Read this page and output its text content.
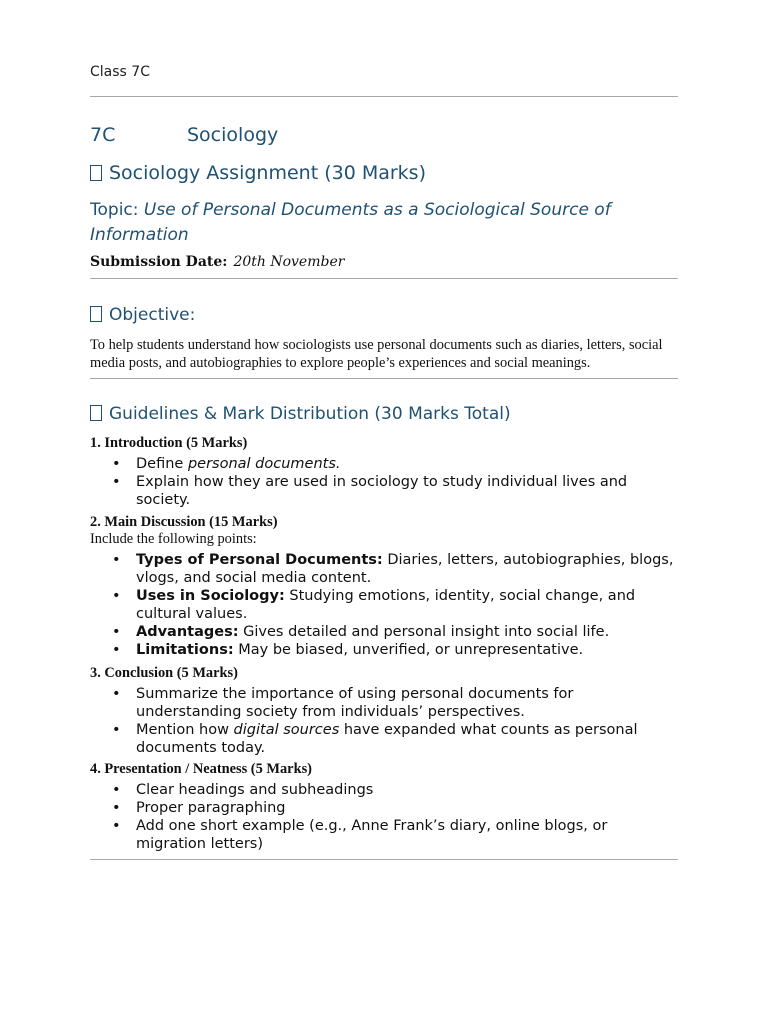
Class 7C
7C	Sociology
Sociology Assignment (30 Marks)
Topic: Use of Personal Documents as a Sociological Source of Information
Submission Date: 20th November
Objective:
To help students understand how sociologists use personal documents such as diaries, letters, social media posts, and autobiographies to explore people’s experiences and social meanings.
Guidelines & Mark Distribution (30 Marks Total)
1. Introduction (5 Marks)
• Define personal documents.
• Explain how they are used in sociology to study individual lives and society.
2. Main Discussion (15 Marks)
Include the following points:
• Types of Personal Documents: Diaries, letters, autobiographies, blogs, vlogs, and social media content.
• Uses in Sociology: Studying emotions, identity, social change, and cultural values.
• Advantages: Gives detailed and personal insight into social life.
• Limitations: May be biased, unverified, or unrepresentative.
3. Conclusion (5 Marks)
• Summarize the importance of using personal documents for understanding society from individuals’ perspectives.
• Mention how digital sources have expanded what counts as personal documents today.
4. Presentation / Neatness (5 Marks)
• Clear headings and subheadings
• Proper paragraphing
• Add one short example (e.g., Anne Frank’s diary, online blogs, or migration letters)
